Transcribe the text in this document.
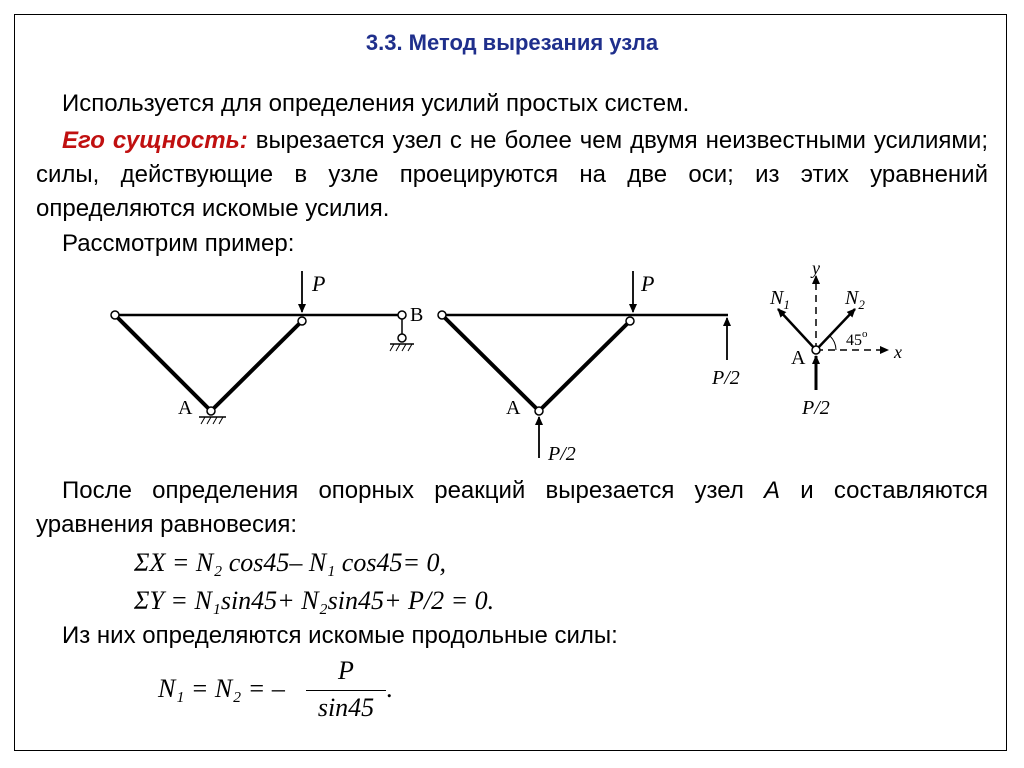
3.3. Метод вырезания узла
Используется для определения усилий простых систем.
Его сущность: вырезается узел с не более чем двумя неизвестными усилиями; силы, действующие в узле проецируются на две оси; из этих уравнений определяются искомые усилия.
Рассмотрим пример:
P
A
B
P
P/2
P/2
A
y
x
$N_1$	$N_2$
45$^o$
A
P/2
После определения опорных реакций вырезается узел A и составляются уравнения равновесия:
ΣX = N₂ cos45– N₁ cos45= 0,
ΣY = N₁sin45+ N₂sin45+ P/2 = 0.
Из них определяются искомые продольные силы:
N₁ = N₂ = –
P
sin45
.
